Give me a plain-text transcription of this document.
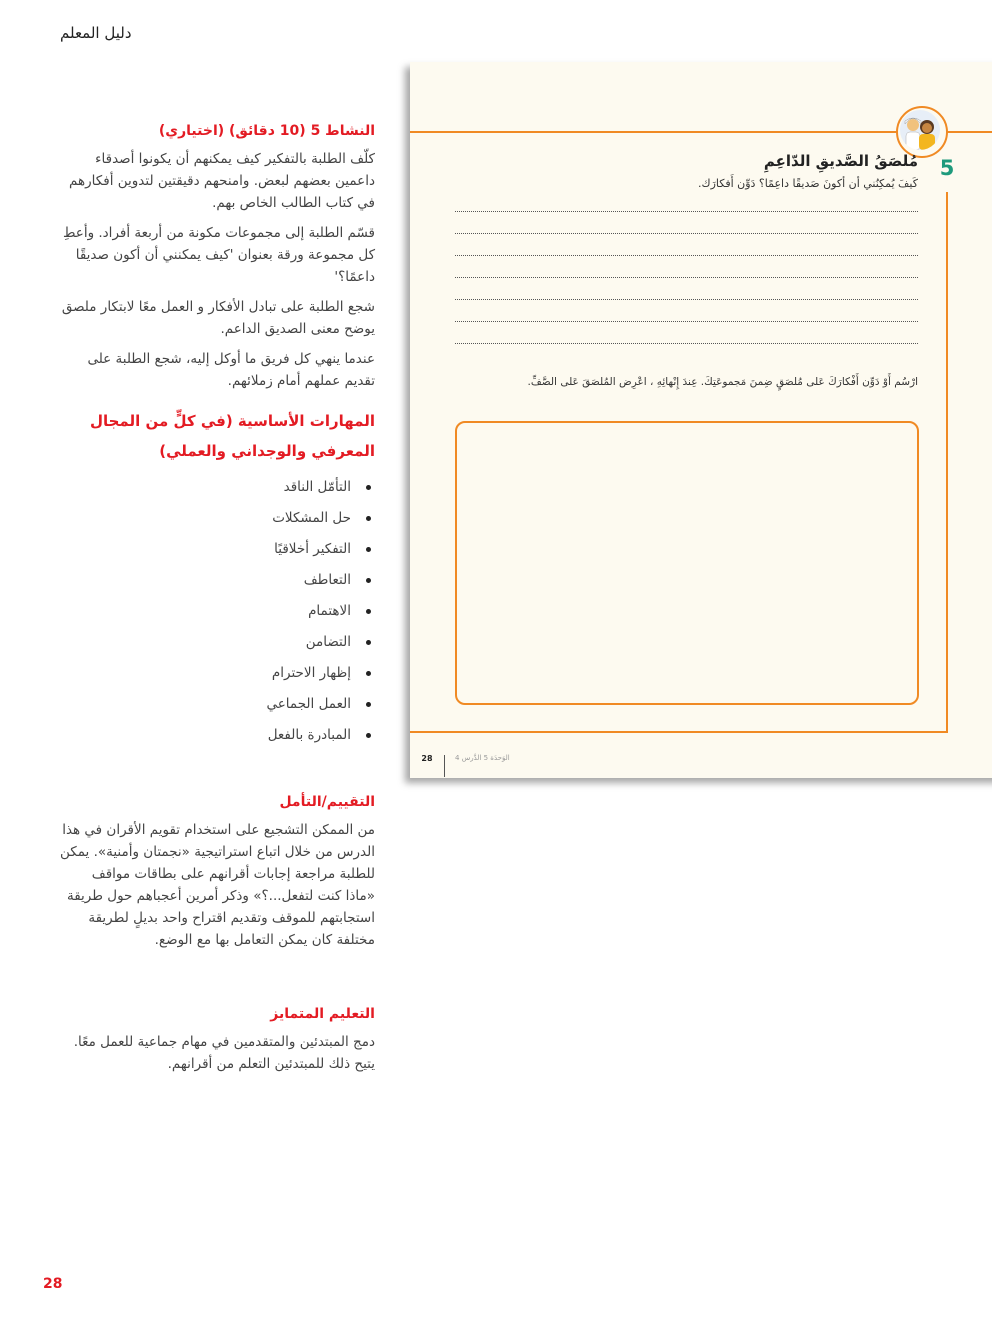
دليل المعلم
النشاط 5 (10 دقائق) (اختياري)

كلّف الطلبة بالتفكير كيف يمكنهم أن يكونوا أصدقاء داعمين بعضهم لبعض. وامنحهم دقيقتين لتدوين أفكارهم في كتاب الطالب الخاص بهم.

قسّم الطلبة إلى مجموعات مكونة من أربعة أفراد. وأعطِ كل مجموعة ورقة بعنوان 'كيف يمكنني أن أكون صديقًا داعمًا؟'

شجع الطلبة على تبادل الأفكار و العمل معًا لابتكار ملصق يوضح معنى الصديق الداعم.

عندما ينهي كل فريق ما أوكل إليه، شجع الطلبة على تقديم عملهم أمام زملائهم.

المهارات الأساسية (في كلٍّ من المجال المعرفي والوجداني والعملي)
التأمّل الناقد
حل المشكلات
التفكير أخلاقيًا
التعاطف
الاهتمام
التضامن
إظهار الاحترام
العمل الجماعي
المبادرة بالفعل
التقييم/التأمل

من الممكن التشجيع على استخدام تقويم الأقران في هذا الدرس من خلال اتباع استراتيجية «نجمتان وأمنية». يمكن للطلبة مراجعة إجابات أقرانهم على بطاقات مواقف «ماذا كنت لتفعل...؟» وذكر أمرين أعجباهم حول طريقة استجابتهم للموقف وتقديم اقتراح واحد بديلٍ لطريقة مختلفة كان يمكن التعامل بها مع الوضع.

التعليم المتمايز

دمج المبتدئين والمتقدمين في مهام جماعية للعمل معًا. يتيح ذلك للمبتدئين التعلم من أقرانهم.

5
مُلصَقُ الصَّديقِ الدّاعِمِ
كَيفَ يُمكِنُني أن أكونَ صَديقًا داعِمًا؟ دَوِّن أَفكارَك.
ارْسُم أَوْ دَوِّن أَفْكارَكَ عَلى مُلصَقٍ ضِمنَ مَجموعَتِكَ. عِندَ إِنْهائِهِ ، اعْرِض المُلصَقَ عَلى الصَّفِّ.
28	الوَحدَة 5 الدَّرس 4
28
